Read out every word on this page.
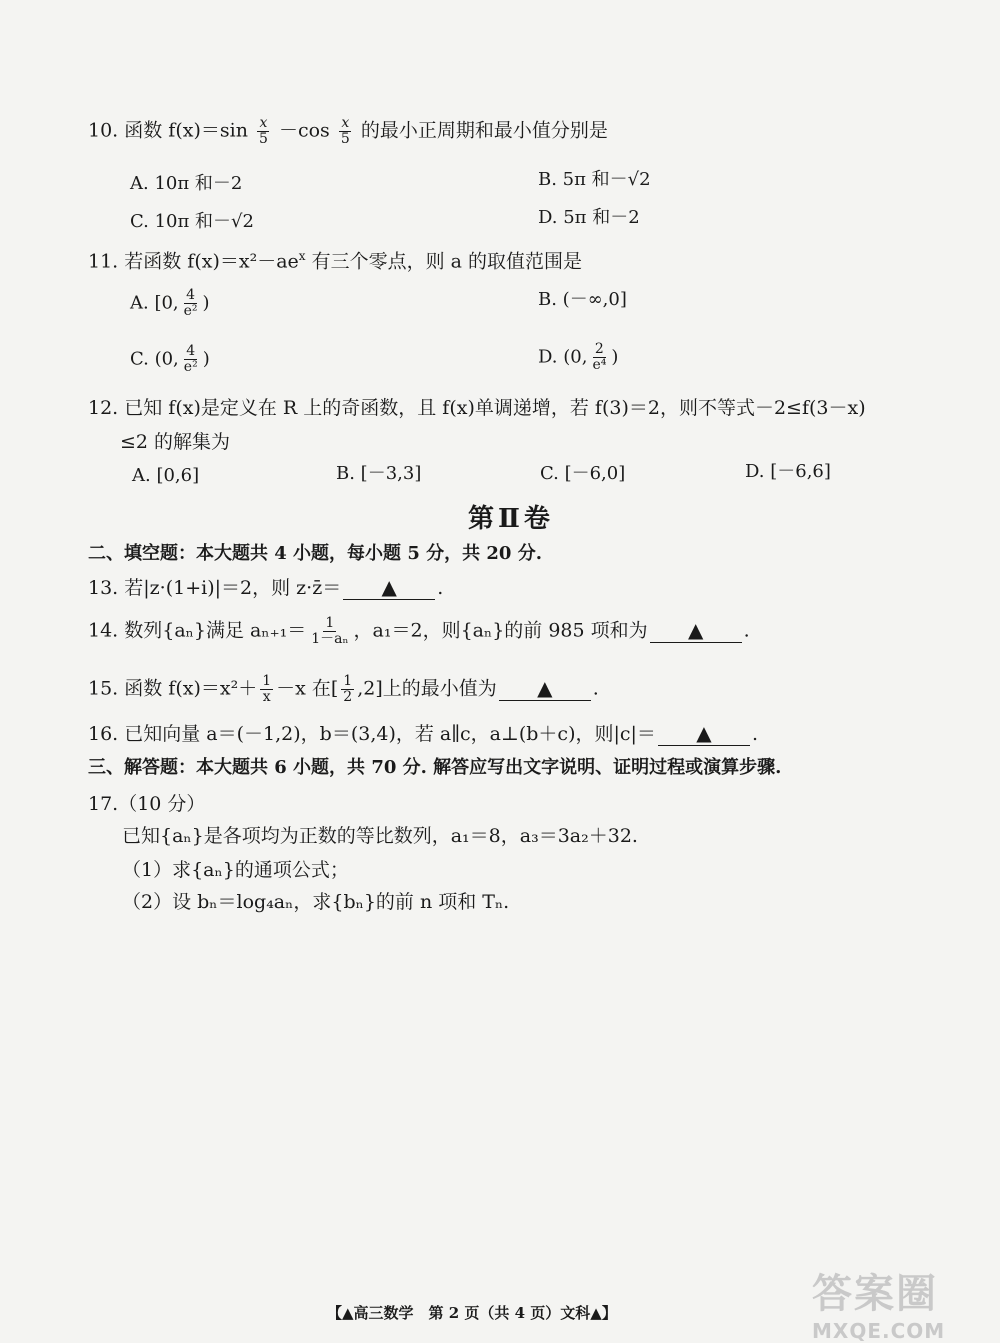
10. 函数 $f(x)=\sin \frac{x}{5} -\cos \frac{x}{5}$ 的最小正周期和最小值分别是
A. 10π 和－2	B. 5π 和－√2
C. 10π 和－√2	D. 5π 和－2
11. 若函数 $f(x)=x^2-ae^x$ 有三个零点，则 a 的取值范围是
A. [0, $\frac{4}{\text{e²}}$ )	B. (－∞,0]
C. (0, $\frac{4}{\text{e²}}$ )	D. (0, $\frac{2}{\text{e⁴}}$ )
12. 已知 f(x)是定义在 R 上的奇函数，且 f(x)单调递增，若 f(3)＝2，则不等式－2≤f(3－x)
≤2 的解集为
A. [0,6]	B. [－3,3]	C. [－6,0]	D. [－6,6]
第Ⅱ卷
二、填空题：本大题共 4 小题，每小题 5 分，共 20 分.
13. 若|z·(1+i)|＝2，则 z·z̄＝ ▲ .
14. 数列{aₙ}满足 $a_{n+1}= \frac{1}{\text{1－aₙ}}$ ，a₁＝2，则{aₙ}的前 985 项和为 ▲ .
15. 函数 $f(x)=x^2+ \frac{1}{x} -x$ 在[ $\frac{1}{2} ,2$]上的最小值为 ▲ .
16. 已知向量 a＝(－1,2)，b＝(3,4)，若 a∥c，a⊥(b＋c)，则|c|＝ ▲ .
三、解答题：本大题共 6 小题，共 70 分. 解答应写出文字说明、证明过程或演算步骤.
17.（10 分）
已知{aₙ}是各项均为正数的等比数列，a₁＝8，a₃＝3a₂＋32.
（1）求{aₙ}的通项公式；
（2）设 bₙ＝log₄aₙ，求{bₙ}的前 n 项和 Tₙ.
【▲高三数学　第 2 页（共 4 页）文科▲】	答案圈
MXQE.COM
